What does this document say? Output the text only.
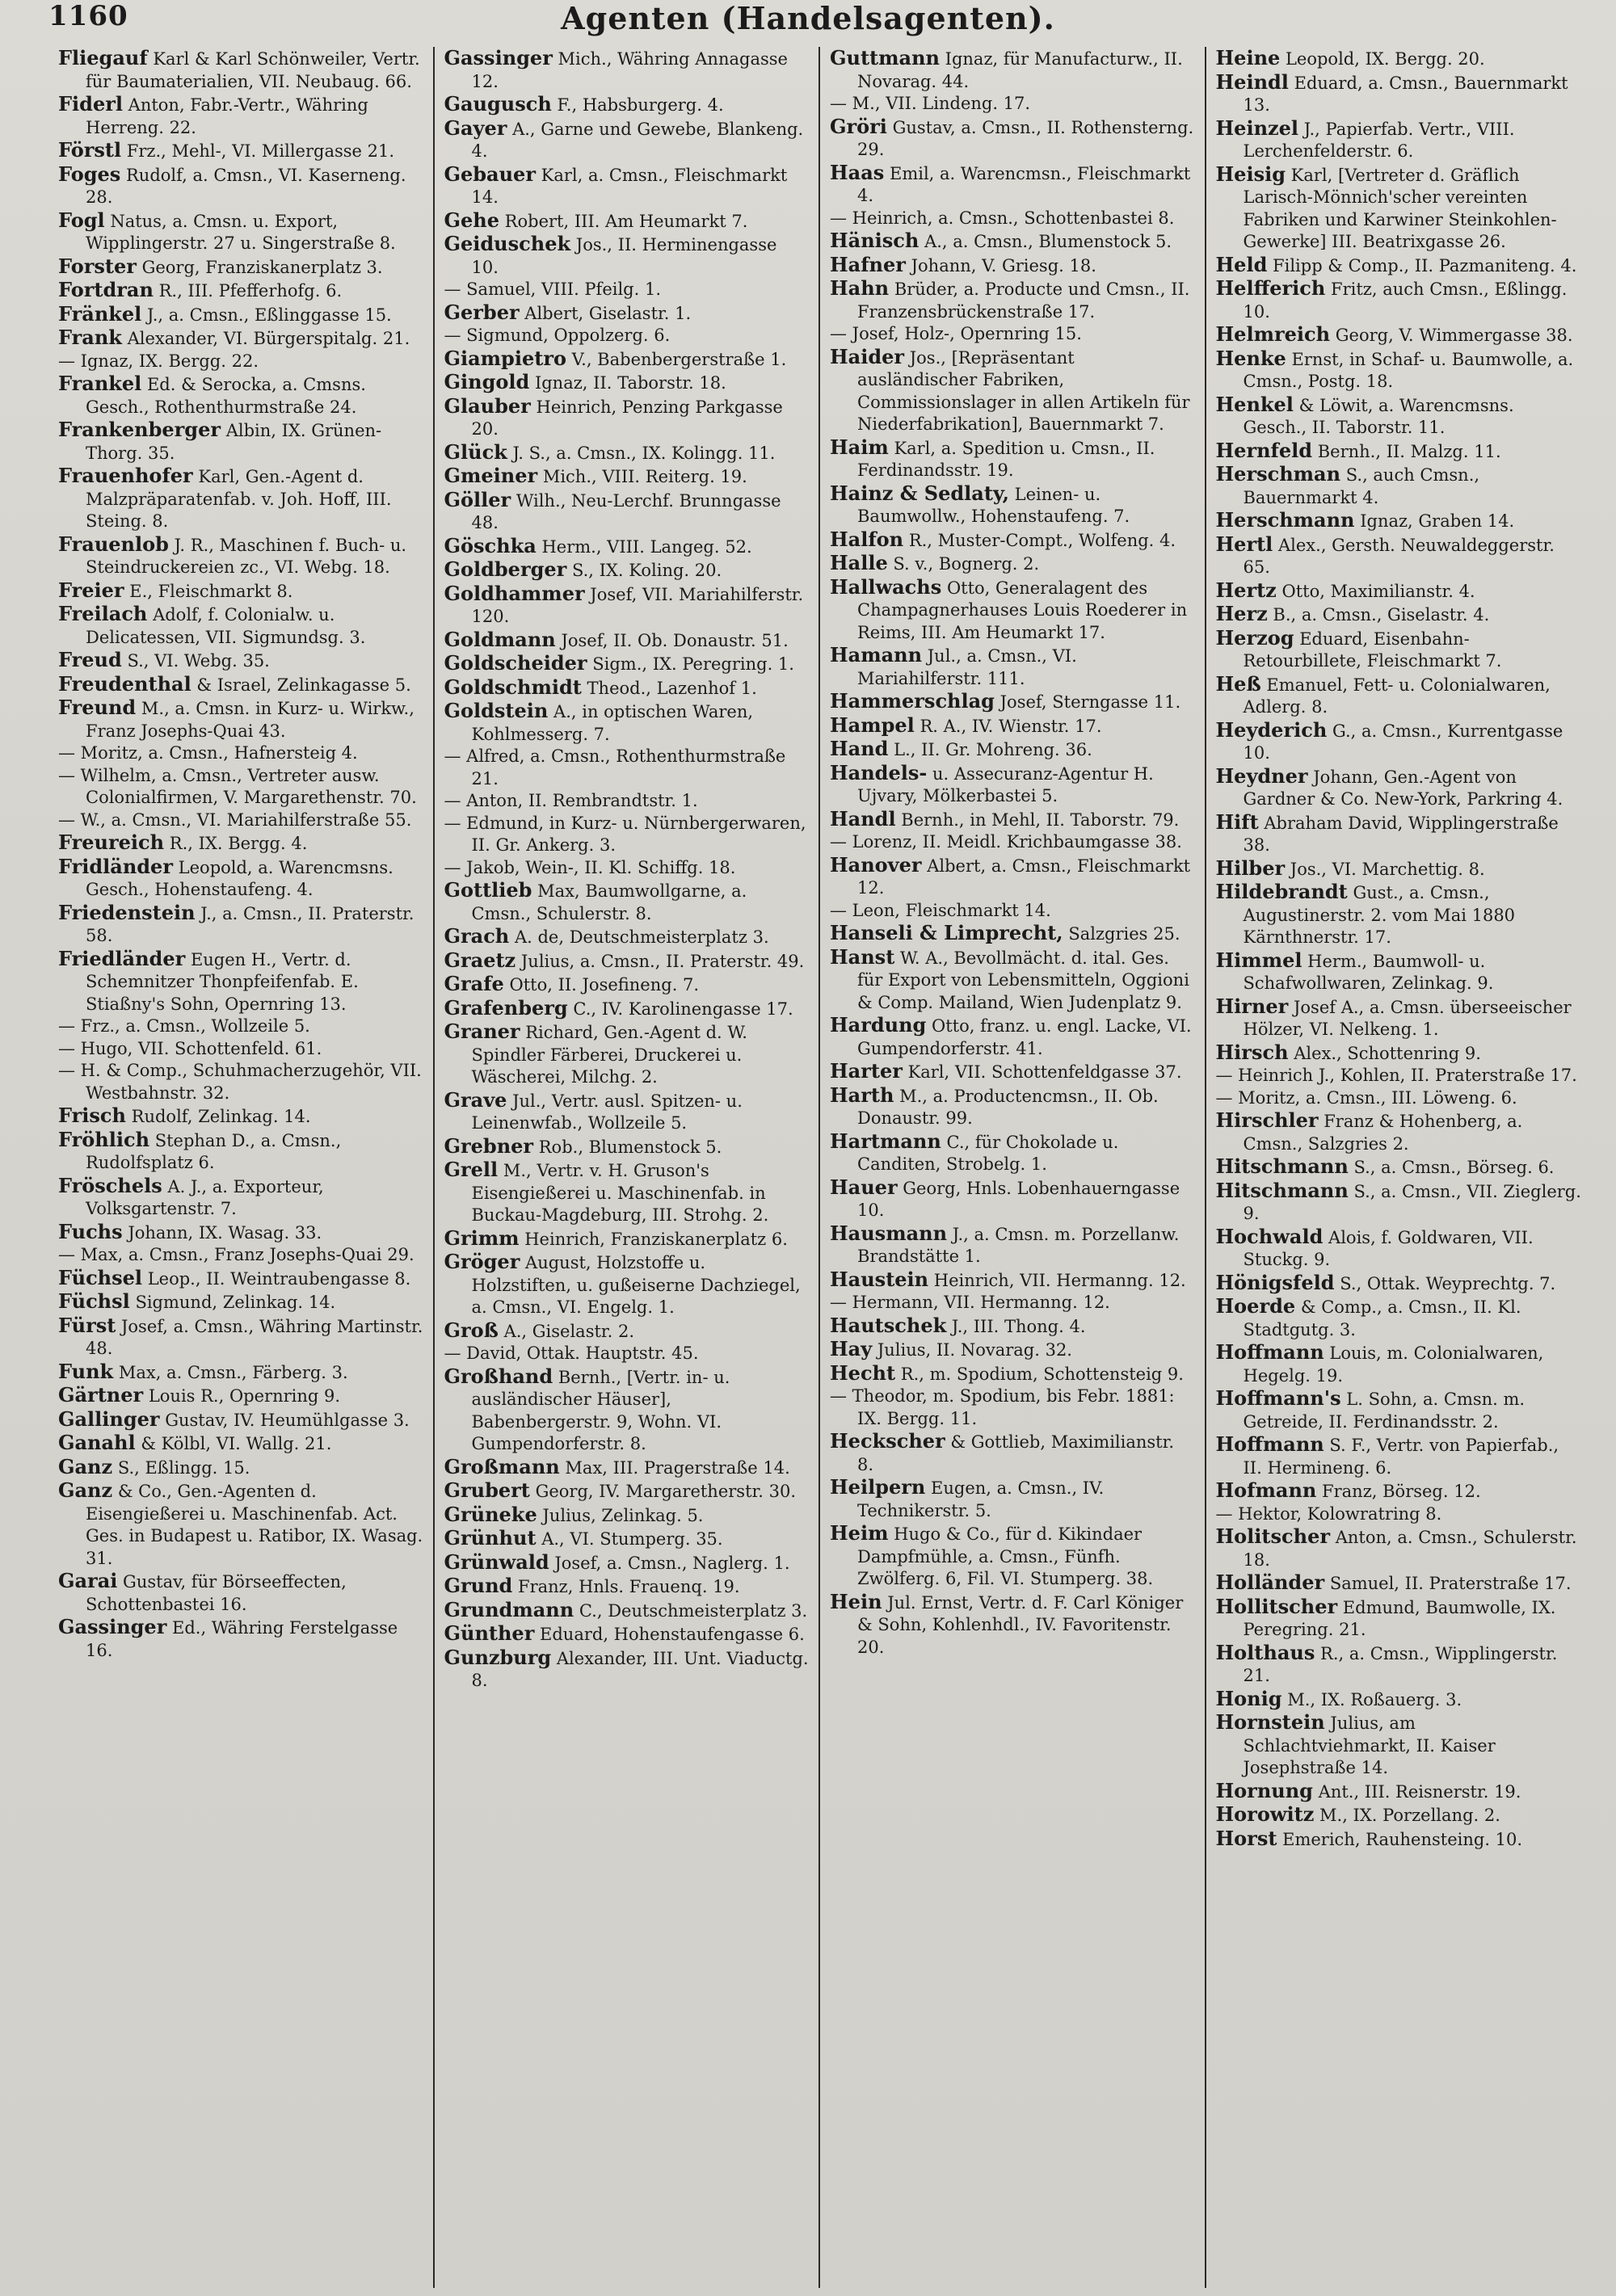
1160	Agenten (Handelsagenten).

Fliegauf Karl & Karl Schönweiler, Vertr. für Baumaterialien, VII. Neubaug. 66.

Fiderl Anton, Fabr.-Vertr., Währing Herreng. 22.

Förstl Frz., Mehl-, VI. Millergasse 21.

Foges Rudolf, a. Cmsn., VI. Kaserneng. 28.

Fogl Natus, a. Cmsn. u. Export, Wipplingerstr. 27 u. Singerstraße 8.

Forster Georg, Franziskanerplatz 3.

Fortdran R., III. Pfefferhofg. 6.

Fränkel J., a. Cmsn., Eßlinggasse 15.

Frank Alexander, VI. Bürgerspitalg. 21.

— Ignaz, IX. Bergg. 22.

Frankel Ed. & Serocka, a. Cmsns. Gesch., Rothenthurmstraße 24.

Frankenberger Albin, IX. Grünen-Thorg. 35.

Frauenhofer Karl, Gen.-Agent d. Malzpräparatenfab. v. Joh. Hoff, III. Steing. 8.

Frauenlob J. R., Maschinen f. Buch- u. Steindruckereien zc., VI. Webg. 18.

Freier E., Fleischmarkt 8.

Freilach Adolf, f. Colonialw. u. Delicatessen, VII. Sigmundsg. 3.

Freud S., VI. Webg. 35.

Freudenthal & Israel, Zelinkagasse 5.

Freund M., a. Cmsn. in Kurz- u. Wirkw., Franz Josephs-Quai 43.

— Moritz, a. Cmsn., Hafnersteig 4.

— Wilhelm, a. Cmsn., Vertreter ausw. Colonialfirmen, V. Margarethenstr. 70.

— W., a. Cmsn., VI. Mariahilferstraße 55.

Freureich R., IX. Bergg. 4.

Fridländer Leopold, a. Warencmsns. Gesch., Hohenstaufeng. 4.

Friedenstein J., a. Cmsn., II. Praterstr. 58.

Friedländer Eugen H., Vertr. d. Schemnitzer Thonpfeifenfab. E. Stiaßny's Sohn, Opernring 13.

— Frz., a. Cmsn., Wollzeile 5.

— Hugo, VII. Schottenfeld. 61.

— H. & Comp., Schuhmacherzugehör, VII. Westbahnstr. 32.

Frisch Rudolf, Zelinkag. 14.

Fröhlich Stephan D., a. Cmsn., Rudolfsplatz 6.

Fröschels A. J., a. Exporteur, Volksgartenstr. 7.

Fuchs Johann, IX. Wasag. 33.

— Max, a. Cmsn., Franz Josephs-Quai 29.

Füchsel Leop., II. Weintraubengasse 8.

Füchsl Sigmund, Zelinkag. 14.

Fürst Josef, a. Cmsn., Währing Martinstr. 48.

Funk Max, a. Cmsn., Färberg. 3.

Gärtner Louis R., Opernring 9.

Gallinger Gustav, IV. Heumühlgasse 3.

Ganahl & Kölbl, VI. Wallg. 21.

Ganz S., Eßlingg. 15.

Ganz & Co., Gen.-Agenten d. Eisengießerei u. Maschinenfab. Act. Ges. in Budapest u. Ratibor, IX. Wasag. 31.

Garai Gustav, für Börseeffecten, Schottenbastei 16.

Gassinger Ed., Währing Ferstelgasse 16.

Gassinger Mich., Währing Annagasse 12.

Gaugusch F., Habsburgerg. 4.

Gayer A., Garne und Gewebe, Blankeng. 4.

Gebauer Karl, a. Cmsn., Fleischmarkt 14.

Gehe Robert, III. Am Heumarkt 7.

Geiduschek Jos., II. Herminengasse 10.

— Samuel, VIII. Pfeilg. 1.

Gerber Albert, Giselastr. 1.

— Sigmund, Oppolzerg. 6.

Giampietro V., Babenbergerstraße 1.

Gingold Ignaz, II. Taborstr. 18.

Glauber Heinrich, Penzing Parkgasse 20.

Glück J. S., a. Cmsn., IX. Kolingg. 11.

Gmeiner Mich., VIII. Reiterg. 19.

Göller Wilh., Neu-Lerchf. Brunngasse 48.

Göschka Herm., VIII. Langeg. 52.

Goldberger S., IX. Koling. 20.

Goldhammer Josef, VII. Mariahilferstr. 120.

Goldmann Josef, II. Ob. Donaustr. 51.

Goldscheider Sigm., IX. Peregring. 1.

Goldschmidt Theod., Lazenhof 1.

Goldstein A., in optischen Waren, Kohlmesserg. 7.

— Alfred, a. Cmsn., Rothenthurmstraße 21.

— Anton, II. Rembrandtstr. 1.

— Edmund, in Kurz- u. Nürnbergerwaren, II. Gr. Ankerg. 3.

— Jakob, Wein-, II. Kl. Schiffg. 18.

Gottlieb Max, Baumwollgarne, a. Cmsn., Schulerstr. 8.

Grach A. de, Deutschmeisterplatz 3.

Graetz Julius, a. Cmsn., II. Praterstr. 49.

Grafe Otto, II. Josefineng. 7.

Grafenberg C., IV. Karolinengasse 17.

Graner Richard, Gen.-Agent d. W. Spindler Färberei, Druckerei u. Wäscherei, Milchg. 2.

Grave Jul., Vertr. ausl. Spitzen- u. Leinenwfab., Wollzeile 5.

Grebner Rob., Blumenstock 5.

Grell M., Vertr. v. H. Gruson's Eisengießerei u. Maschinenfab. in Buckau-Magdeburg, III. Strohg. 2.

Grimm Heinrich, Franziskanerplatz 6.

Gröger August, Holzstoffe u. Holzstiften, u. gußeiserne Dachziegel, a. Cmsn., VI. Engelg. 1.

Groß A., Giselastr. 2.

— David, Ottak. Hauptstr. 45.

Großhand Bernh., [Vertr. in- u. ausländischer Häuser], Babenbergerstr. 9, Wohn. VI. Gumpendorferstr. 8.

Großmann Max, III. Pragerstraße 14.

Grubert Georg, IV. Margaretherstr. 30.

Grüneke Julius, Zelinkag. 5.

Grünhut A., VI. Stumperg. 35.

Grünwald Josef, a. Cmsn., Naglerg. 1.

Grund Franz, Hnls. Frauenq. 19.

Grundmann C., Deutschmeisterplatz 3.

Günther Eduard, Hohenstaufengasse 6.

Gunzburg Alexander, III. Unt. Viaductg. 8.

Guttmann Ignaz, für Manufacturw., II. Novarag. 44.

— M., VII. Lindeng. 17.

Gröri Gustav, a. Cmsn., II. Rothensterng. 29.

Haas Emil, a. Warencmsn., Fleischmarkt 4.

— Heinrich, a. Cmsn., Schottenbastei 8.

Hänisch A., a. Cmsn., Blumenstock 5.

Hafner Johann, V. Griesg. 18.

Hahn Brüder, a. Producte und Cmsn., II. Franzensbrückenstraße 17.

— Josef, Holz-, Opernring 15.

Haider Jos., [Repräsentant ausländischer Fabriken, Commissionslager in allen Artikeln für Niederfabrikation], Bauernmarkt 7.

Haim Karl, a. Spedition u. Cmsn., II. Ferdinandsstr. 19.

Hainz & Sedlaty, Leinen- u. Baumwollw., Hohenstaufeng. 7.

Halfon R., Muster-Compt., Wolfeng. 4.

Halle S. v., Bognerg. 2.

Hallwachs Otto, Generalagent des Champagnerhauses Louis Roederer in Reims, III. Am Heumarkt 17.

Hamann Jul., a. Cmsn., VI. Mariahilferstr. 111.

Hammerschlag Josef, Sterngasse 11.

Hampel R. A., IV. Wienstr. 17.

Hand L., II. Gr. Mohreng. 36.

Handels- u. Assecuranz-Agentur H. Ujvary, Mölkerbastei 5.

Handl Bernh., in Mehl, II. Taborstr. 79.

— Lorenz, II. Meidl. Krichbaumgasse 38.

Hanover Albert, a. Cmsn., Fleischmarkt 12.

— Leon, Fleischmarkt 14.

Hanseli & Limprecht, Salzgries 25.

Hanst W. A., Bevollmächt. d. ital. Ges. für Export von Lebensmitteln, Oggioni & Comp. Mailand, Wien Judenplatz 9.

Hardung Otto, franz. u. engl. Lacke, VI. Gumpendorferstr. 41.

Harter Karl, VII. Schottenfeldgasse 37.

Harth M., a. Productencmsn., II. Ob. Donaustr. 99.

Hartmann C., für Chokolade u. Canditen, Strobelg. 1.

Hauer Georg, Hnls. Lobenhauerngasse 10.

Hausmann J., a. Cmsn. m. Porzellanw. Brandstätte 1.

Haustein Heinrich, VII. Hermanng. 12.

— Hermann, VII. Hermanng. 12.

Hautschek J., III. Thong. 4.

Hay Julius, II. Novarag. 32.

Hecht R., m. Spodium, Schottensteig 9.

— Theodor, m. Spodium, bis Febr. 1881: IX. Bergg. 11.

Heckscher & Gottlieb, Maximilianstr. 8.

Heilpern Eugen, a. Cmsn., IV. Technikerstr. 5.

Heim Hugo & Co., für d. Kikindaer Dampfmühle, a. Cmsn., Fünfh. Zwölferg. 6, Fil. VI. Stumperg. 38.

Hein Jul. Ernst, Vertr. d. F. Carl Königer & Sohn, Kohlenhdl., IV. Favoritenstr. 20.

Heine Leopold, IX. Bergg. 20.

Heindl Eduard, a. Cmsn., Bauernmarkt 13.

Heinzel J., Papierfab. Vertr., VIII. Lerchenfelderstr. 6.

Heisig Karl, [Vertreter d. Gräflich Larisch-Mönnich'scher vereinten Fabriken und Karwiner Steinkohlen-Gewerke] III. Beatrixgasse 26.

Held Filipp & Comp., II. Pazmaniteng. 4.

Helfferich Fritz, auch Cmsn., Eßlingg. 10.

Helmreich Georg, V. Wimmergasse 38.

Henke Ernst, in Schaf- u. Baumwolle, a. Cmsn., Postg. 18.

Henkel & Löwit, a. Warencmsns. Gesch., II. Taborstr. 11.

Hernfeld Bernh., II. Malzg. 11.

Herschman S., auch Cmsn., Bauernmarkt 4.

Herschmann Ignaz, Graben 14.

Hertl Alex., Gersth. Neuwaldeggerstr. 65.

Hertz Otto, Maximilianstr. 4.

Herz B., a. Cmsn., Giselastr. 4.

Herzog Eduard, Eisenbahn-Retourbillete, Fleischmarkt 7.

Heß Emanuel, Fett- u. Colonialwaren, Adlerg. 8.

Heyderich G., a. Cmsn., Kurrentgasse 10.

Heydner Johann, Gen.-Agent von Gardner & Co. New-York, Parkring 4.

Hift Abraham David, Wipplingerstraße 38.

Hilber Jos., VI. Marchettig. 8.

Hildebrandt Gust., a. Cmsn., Augustinerstr. 2. vom Mai 1880 Kärnthnerstr. 17.

Himmel Herm., Baumwoll- u. Schafwollwaren, Zelinkag. 9.

Hirner Josef A., a. Cmsn. überseeischer Hölzer, VI. Nelkeng. 1.

Hirsch Alex., Schottenring 9.

— Heinrich J., Kohlen, II. Praterstraße 17.

— Moritz, a. Cmsn., III. Löweng. 6.

Hirschler Franz & Hohenberg, a. Cmsn., Salzgries 2.

Hitschmann S., a. Cmsn., Börseg. 6.

Hitschmann S., a. Cmsn., VII. Zieglerg. 9.

Hochwald Alois, f. Goldwaren, VII. Stuckg. 9.

Hönigsfeld S., Ottak. Weyprechtg. 7.

Hoerde & Comp., a. Cmsn., II. Kl. Stadtgutg. 3.

Hoffmann Louis, m. Colonialwaren, Hegelg. 19.

Hoffmann's L. Sohn, a. Cmsn. m. Getreide, II. Ferdinandsstr. 2.

Hoffmann S. F., Vertr. von Papierfab., II. Hermineng. 6.

Hofmann Franz, Börseg. 12.

— Hektor, Kolowratring 8.

Holitscher Anton, a. Cmsn., Schulerstr. 18.

Holländer Samuel, II. Praterstraße 17.

Hollitscher Edmund, Baumwolle, IX. Peregring. 21.

Holthaus R., a. Cmsn., Wipplingerstr. 21.

Honig M., IX. Roßauerg. 3.

Hornstein Julius, am Schlachtviehmarkt, II. Kaiser Josephstraße 14.

Hornung Ant., III. Reisnerstr. 19.

Horowitz M., IX. Porzellang. 2.

Horst Emerich, Rauhensteing. 10.
